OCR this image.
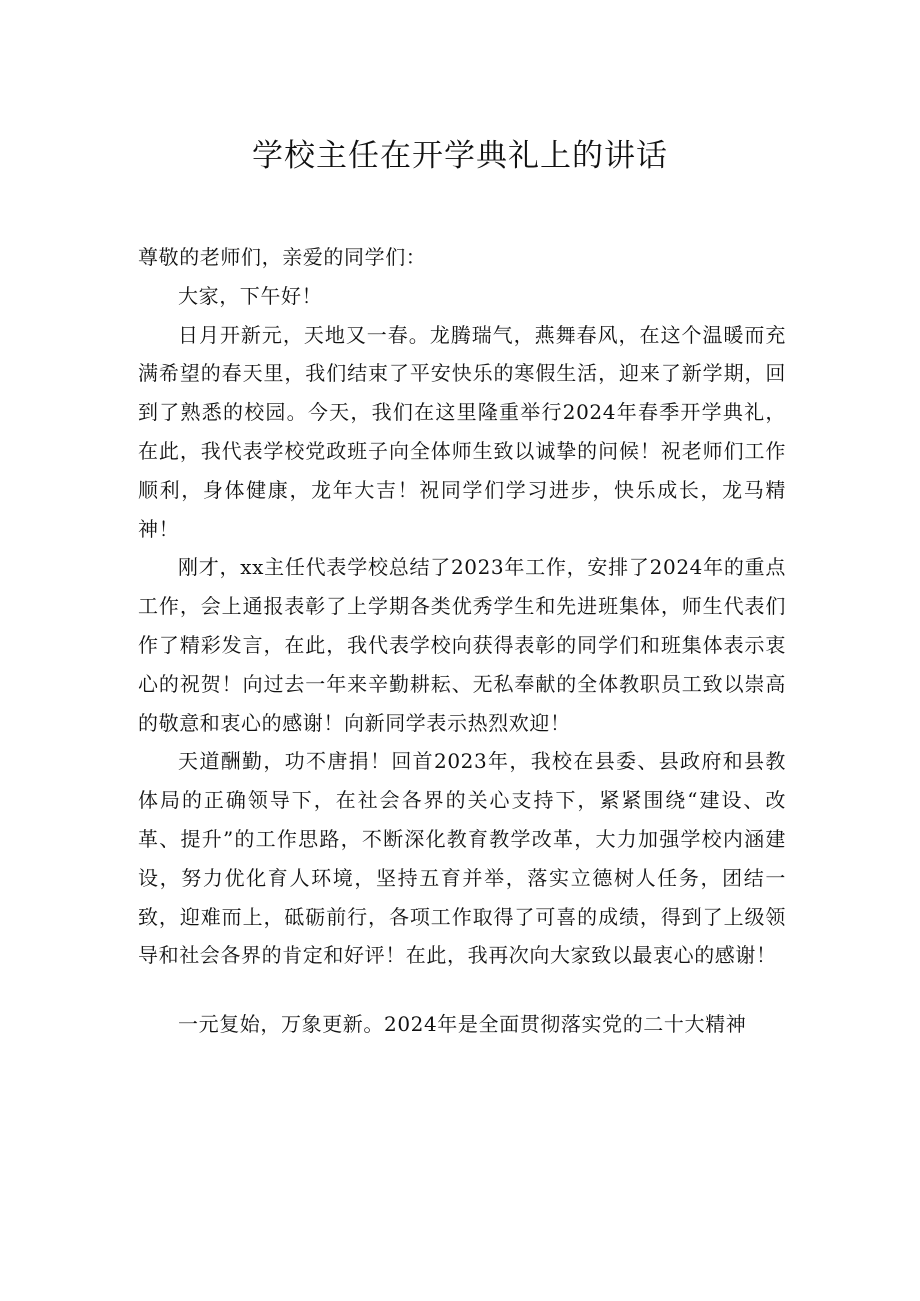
学校主任在开学典礼上的讲话

尊敬的老师们，亲爱的同学们：

大家，下午好！

日月开新元，天地又一春。龙腾瑞气，燕舞春风，在这个温暖而充满希望的春天里，我们结束了平安快乐的寒假生活，迎来了新学期，回到了熟悉的校园。今天，我们在这里隆重举行2024年春季开学典礼，在此，我代表学校党政班子向全体师生致以诚挚的问候！祝老师们工作顺利，身体健康，龙年大吉！祝同学们学习进步，快乐成长，龙马精神！

刚才，xx主任代表学校总结了2023年工作，安排了2024年的重点工作，会上通报表彰了上学期各类优秀学生和先进班集体，师生代表们作了精彩发言，在此，我代表学校向获得表彰的同学们和班集体表示衷心的祝贺！向过去一年来辛勤耕耘、无私奉献的全体教职员工致以崇高的敬意和衷心的感谢！向新同学表示热烈欢迎！

天道酬勤，功不唐捐！回首2023年，我校在县委、县政府和县教体局的正确领导下，在社会各界的关心支持下，紧紧围绕“建设、改革、提升”的工作思路，不断深化教育教学改革，大力加强学校内涵建设，努力优化育人环境，坚持五育并举，落实立德树人任务，团结一致，迎难而上，砥砺前行，各项工作取得了可喜的成绩，得到了上级领导和社会各界的肯定和好评！在此，我再次向大家致以最衷心的感谢！

一元复始，万象更新。2024年是全面贯彻落实党的二十大精神
